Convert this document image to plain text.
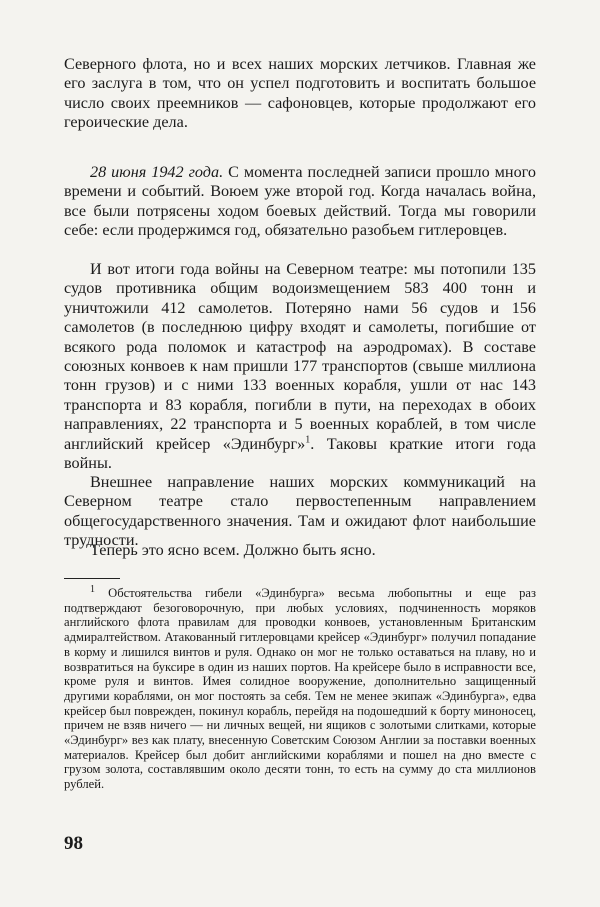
Северного флота, но и всех наших морских летчиков. Главная же его заслуга в том, что он успел подготовить и воспитать большое число своих преемников — сафоновцев, которые продолжают его героические дела.

28 июня 1942 года. С момента последней записи прошло много времени и событий. Воюем уже второй год. Когда началась война, все были потрясены ходом боевых действий. Тогда мы говорили себе: если продержимся год, обязательно разобьем гитлеровцев.

И вот итоги года войны на Северном театре: мы потопили 135 судов противника общим водоизмещением 583 400 тонн и уничтожили 412 самолетов. Потеряно нами 56 судов и 156 самолетов (в последнюю цифру входят и самолеты, погибшие от всякого рода поломок и катастроф на аэродромах). В составе союзных конвоев к нам пришли 177 транспортов (свыше миллиона тонн грузов) и с ними 133 военных корабля, ушли от нас 143 транспорта и 83 корабля, погибли в пути, на переходах в обоих направлениях, 22 транспорта и 5 военных кораблей, в том числе английский крейсер «Эдинбург»$^1$. Таковы краткие итоги года войны.

Внешнее направление наших морских коммуникаций на Северном театре стало первостепенным направлением общегосударственного значения. Там и ожидают флот наибольшие трудности.

Теперь это ясно всем. Должно быть ясно.

$^1$ Обстоятельства гибели «Эдинбурга» весьма любопытны и еще раз подтверждают безоговорочную, при любых условиях, подчиненность моряков английского флота правилам для проводки конвоев, установленным Британским адмиралтейством. Атакованный гитлеровцами крейсер «Эдинбург» получил попадание в корму и лишился винтов и руля. Однако он мог не только оставаться на плаву, но и возвратиться на буксире в один из наших портов. На крейсере было в исправности все, кроме руля и винтов. Имея солидное вооружение, дополнительно защищенный другими кораблями, он мог постоять за себя. Тем не менее экипаж «Эдинбурга», едва крейсер был поврежден, покинул корабль, перейдя на подошедший к борту миноносец, причем не взяв ничего — ни личных вещей, ни ящиков с золотыми слитками, которые «Эдинбург» вез как плату, внесенную Советским Союзом Англии за поставки военных материалов. Крейсер был добит английскими кораблями и пошел на дно вместе с грузом золота, составлявшим около десяти тонн, то есть на сумму до ста миллионов рублей.

98
